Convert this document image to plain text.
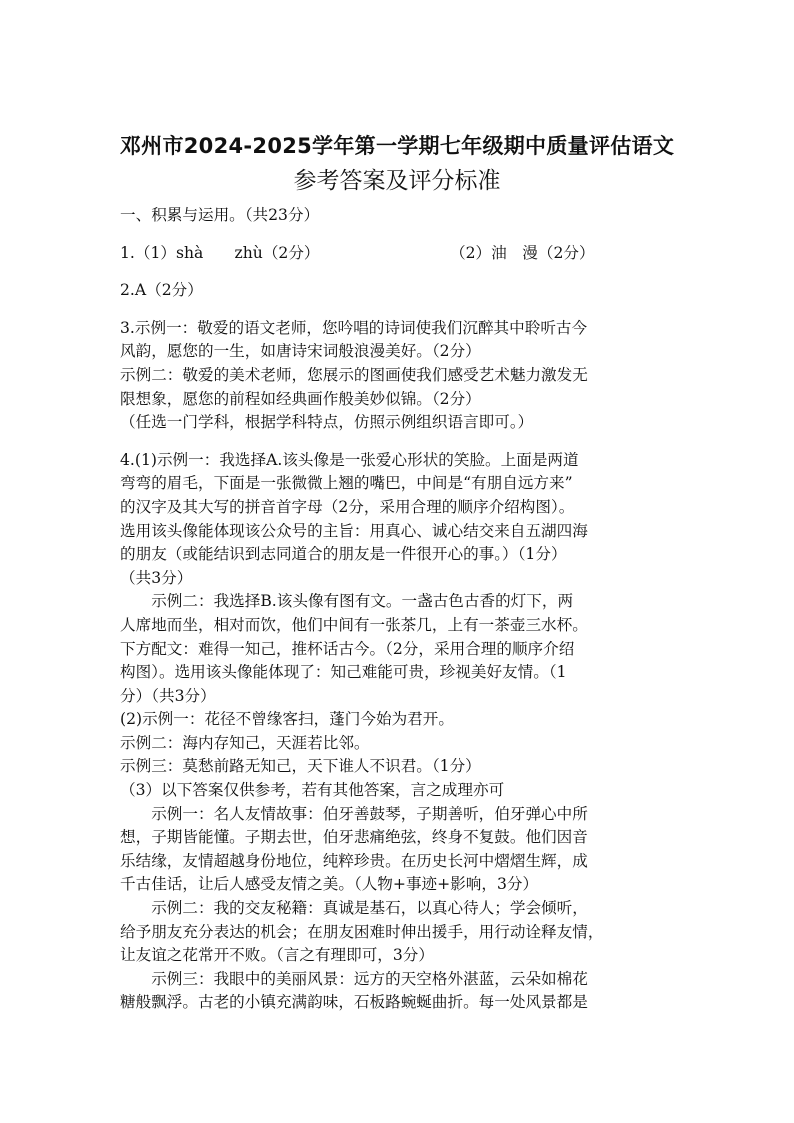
邓州市2024-2025学年第一学期七年级期中质量评估语文
参考答案及评分标准

一、积累与运用。（共23分）

1.（1）shà　　zhù（2分）	（2）油　漫（2分）

2.A（2分）

3.示例一：敬爱的语文老师，您吟唱的诗词使我们沉醉其中聆听古今

风韵，愿您的一生，如唐诗宋词般浪漫美好。（2分）

示例二：敬爱的美术老师，您展示的图画使我们感受艺术魅力激发无

限想象，愿您的前程如经典画作般美妙似锦。（2分）

（任选一门学科，根据学科特点，仿照示例组织语言即可。）

4.(1)示例一：我选择A.该头像是一张爱心形状的笑脸。上面是两道

弯弯的眉毛，下面是一张微微上翘的嘴巴，中间是“有朋自远方来”

的汉字及其大写的拼音首字母（2分，采用合理的顺序介绍构图）。

选用该头像能体现该公众号的主旨：用真心、诚心结交来自五湖四海

的朋友（或能结识到志同道合的朋友是一件很开心的事。）（1分）

（共3分）

示例二：我选择B.该头像有图有文。一盏古色古香的灯下，两

人席地而坐，相对而饮，他们中间有一张茶几，上有一茶壶三水杯。

下方配文：难得一知己，推杯话古今。（2分，采用合理的顺序介绍

构图）。选用该头像能体现了：知己难能可贵，珍视美好友情。（1

分）（共3分）

(2)示例一：花径不曾缘客扫，蓬门今始为君开。

示例二：海内存知己，天涯若比邻。

示例三：莫愁前路无知己，天下谁人不识君。（1分）

（3）以下答案仅供参考，若有其他答案，言之成理亦可

示例一：名人友情故事：伯牙善鼓琴，子期善听，伯牙弹心中所

想，子期皆能懂。子期去世，伯牙悲痛绝弦，终身不复鼓。他们因音

乐结缘，友情超越身份地位，纯粹珍贵。在历史长河中熠熠生辉，成

千古佳话，让后人感受友情之美。（人物+事迹+影响，3分）

示例二：我的交友秘籍：真诚是基石，以真心待人；学会倾听，

给予朋友充分表达的机会；在朋友困难时伸出援手，用行动诠释友情，

让友谊之花常开不败。（言之有理即可，3分）

示例三：我眼中的美丽风景：远方的天空格外湛蓝，云朵如棉花

糖般飘浮。古老的小镇充满韵味，石板路蜿蜒曲折。每一处风景都是
